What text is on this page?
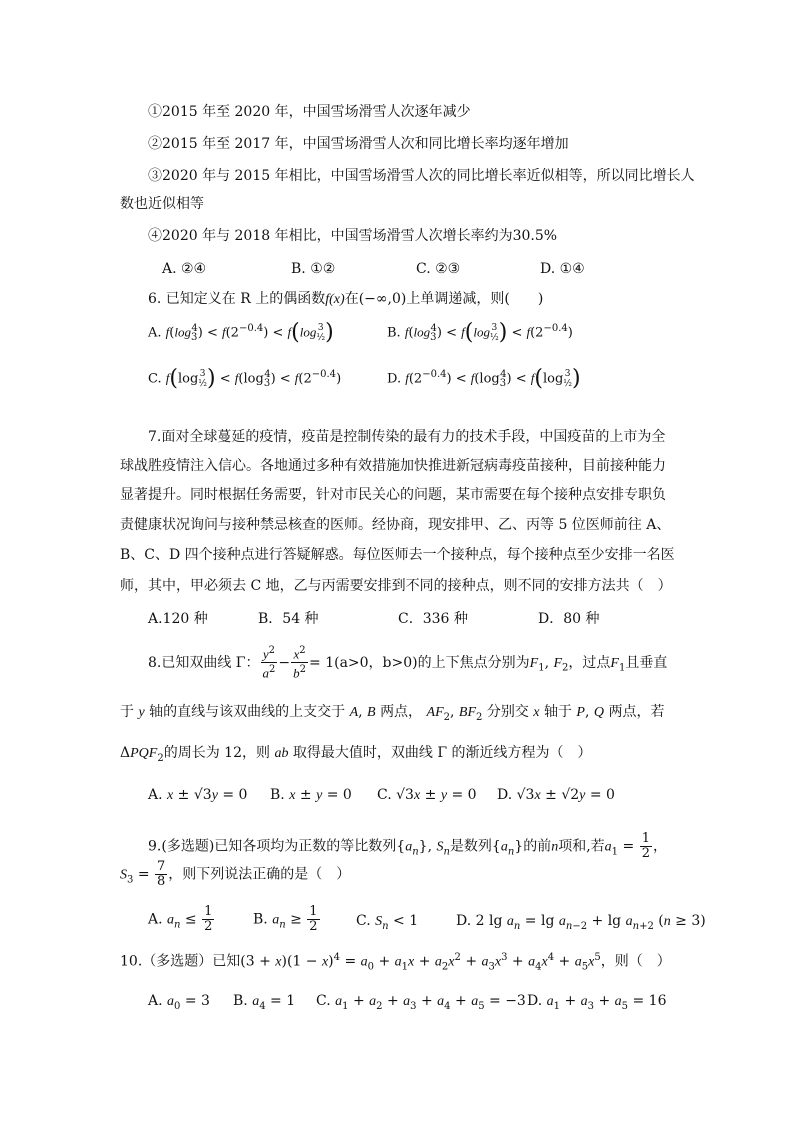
①2015 年至 2020 年，中国雪场滑雪人次逐年减少
②2015 年至 2017 年，中国雪场滑雪人次和同比增长率均逐年增加
③2020 年与 2015 年相比，中国雪场滑雪人次的同比增长率近似相等，所以同比增长人
数也近似相等
④2020 年与 2018 年相比，中国雪场滑雪人次增长率约为30.5%
A. ②④	B. ①②	C. ②③	D. ①④
6. 已知定义在 R 上的偶函数f(x)在(−∞,0)上单调递减，则(　　)
A. $f(\log_3^4) < f(2^{-0.4}) < f(\log$ 3
½ )	B. $f(\log_3^4) < f(\log$ 3
½ ) < $f(2^{-0.4})$
C. f(log 3
½ ) < $f(\log_3^4) < f(2^{-0.4})$	D. $f(2^{-0.4}) < f(\log_3^4) < f(\log$ 3
½ )
7.面对全球蔓延的疫情，疫苗是控制传染的最有力的技术手段，中国疫苗的上市为全
球战胜疫情注入信心。各地通过多种有效措施加快推进新冠病毒疫苗接种，目前接种能力
显著提升。同时根据任务需要，针对市民关心的问题，某市需要在每个接种点安排专职负
责健康状况询问与接种禁忌核查的医师。经协商，现安排甲、乙、丙等 5 位医师前往 A、
B、C、D 四个接种点进行答疑解惑。每位医师去一个接种点，每个接种点至少安排一名医
师，其中，甲必须去 C 地，乙与丙需要安排到不同的接种点，则不同的安排方法共（　）
A.120 种	B．54 种	C．336 种	D．80 种
8.已知双曲线 Γ： $\frac{y^2}{a^2} - \frac{x^2}{b^2} = 1(a>0$，b>0)的上下焦点分别为$F_1$, $F_2$，过点$F_1$且垂直
于 y 轴的直线与该双曲线的上支交于 A, B 两点， $AF_2$, $BF_2$ 分别交 x 轴于 P, Q 两点，若
$\Delta PQF_2$的周长为 12，则 ab 取得最大值时，双曲线 Γ 的渐近线方程为（　）
A. x ± √3y = 0 B. x ± y = 0 C. √3x ± y = 0 D. √3x ± √2y = 0
9.(多选题)已知各项均为正数的等比数列$\{a_n\}$, $S_n$是数列$\{a_n\}$的前n项和,若$a_1 = \frac{1}{2}$ ，
$S_3 = \frac{7}{8}$ ，则下列说法正确的是（　）
A. $a_n \le \frac{1}{2}$	B. $a_n \ge \frac{1}{2}$	C. $S_n < 1$	D. 2 $\lg a_n = \lg a_{n-2} + \lg a_{n+2}$ (n ≥ 3)
10.（多选题）已知$(3 + x)(1 - x)^4 = a_0 + a_1x + a_2x^2 + a_3x^3 + a_4x^4 + a_5x^5$，则（　）
A. $a_0 = 3$ B. $a_4 = 1$ C. $a_1 + a_2 + a_3 + a_4 + a_5 = -3$ D. $a_1 + a_3 + a_5 = 16$
